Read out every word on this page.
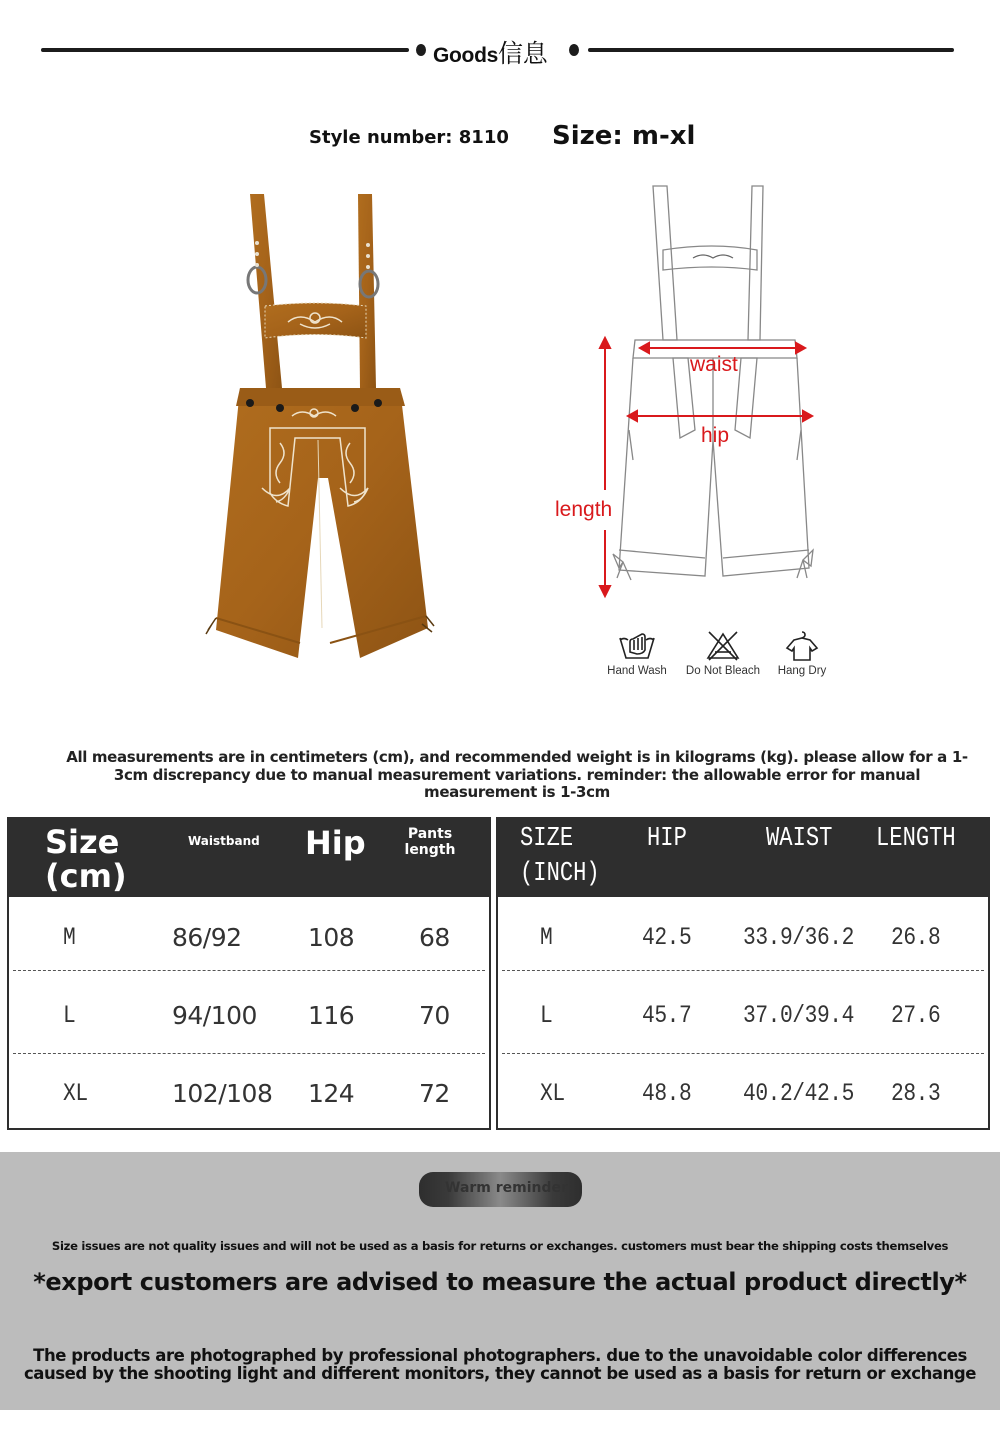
Goods信息
Style number: 8110 Size: m-xl
waist
hip
length
Hand Wash	Do Not Bleach	Hang Dry
All measurements are in centimeters (cm), and recommended weight is in kilograms (kg). please allow for a 1-3cm discrepancy due to manual measurement variations. reminder: the allowable error for manual measurement is 1-3cm
Size (cm)
Waistband Hip	Pants length
M	86/92	108	68
L	94/100 116	70
XL	102/108 124	72
SIZE (INCH)
HIP	WAIST LENGTH
M	42.5 33.9/36.2 26.8
L	45.7 37.0/39.4 27.6
XL	48.8 40.2/42.5 28.3
Warm reminder
Size issues are not quality issues and will not be used as a basis for returns or exchanges. customers must bear the shipping costs themselves
*export customers are advised to measure the actual product directly*
The products are photographed by professional photographers. due to the unavoidable color differences caused by the shooting light and different monitors, they cannot be used as a basis for return or exchange
